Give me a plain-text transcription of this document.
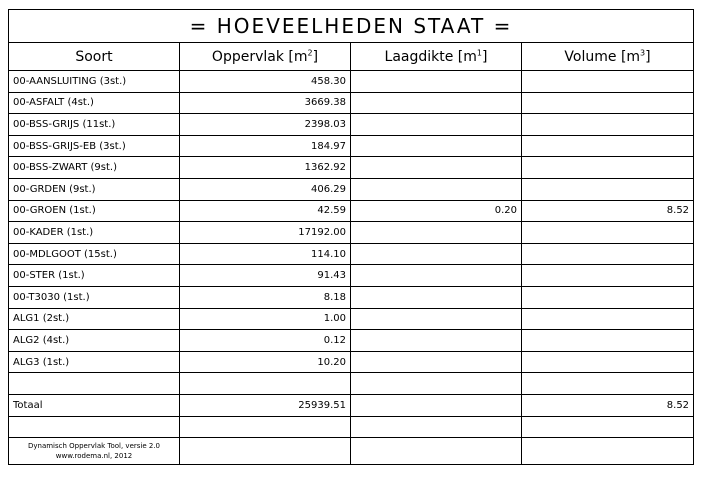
= HOEVEELHEDEN STAAT =			
Soort	Oppervlak $[m^2]$	Laagdikte $[m^1]$	Volume $[m^3]$
00-AANSLUITING (3st.)	458.30		
00-ASFALT (4st.)	3669.38		
00-BSS-GRIJS (11st.)	2398.03		
00-BSS-GRIJS-EB (3st.)	184.97		
00-BSS-ZWART (9st.)	1362.92		
00-GRDEN (9st.)	406.29		
00-GROEN (1st.)	42.59	0.20	8.52
00-KADER (1st.)	17192.00		
00-MDLGOOT (15st.)	114.10		
00-STER (1st.)	91.43		
00-T3030 (1st.)	8.18		
ALG1 (2st.)	1.00		
ALG2 (4st.)	0.12		
ALG3 (1st.)	10.20		

Totaal	25939.51		8.52

Dynamisch Oppervlak Tool, versie 2.0
www.rodema.nl, 2012			
